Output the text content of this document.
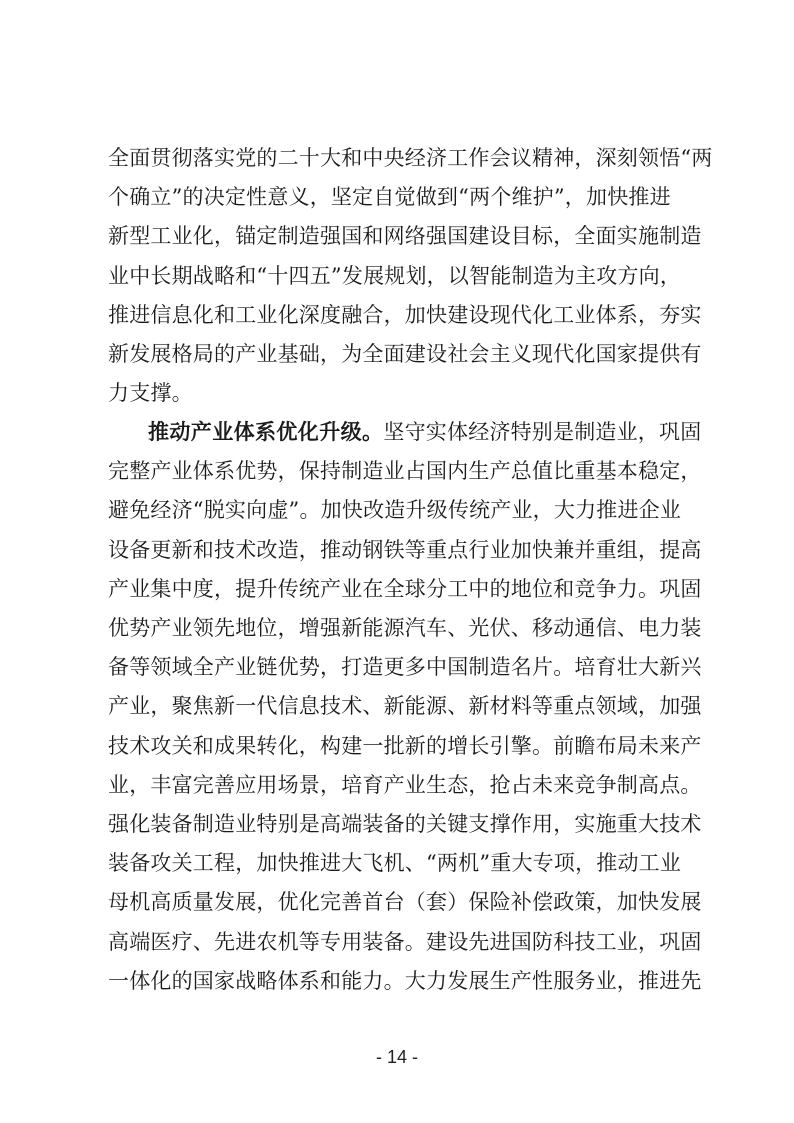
全面贯彻落实党的二十大和中央经济工作会议精神，深刻领悟“两
个确立”的决定性意义，坚定自觉做到“两个维护”，加快推进
新型工业化，锚定制造强国和网络强国建设目标，全面实施制造
业中长期战略和“十四五”发展规划，以智能制造为主攻方向，
推进信息化和工业化深度融合，加快建设现代化工业体系，夯实
新发展格局的产业基础，为全面建设社会主义现代化国家提供有
力支撑。
推动产业体系优化升级。坚守实体经济特别是制造业，巩固
完整产业体系优势，保持制造业占国内生产总值比重基本稳定，
避免经济“脱实向虚”。加快改造升级传统产业，大力推进企业
设备更新和技术改造，推动钢铁等重点行业加快兼并重组，提高
产业集中度，提升传统产业在全球分工中的地位和竞争力。巩固
优势产业领先地位，增强新能源汽车、光伏、移动通信、电力装
备等领域全产业链优势，打造更多中国制造名片。培育壮大新兴
产业，聚焦新一代信息技术、新能源、新材料等重点领域，加强
技术攻关和成果转化，构建一批新的增长引擎。前瞻布局未来产
业，丰富完善应用场景，培育产业生态，抢占未来竞争制高点。
强化装备制造业特别是高端装备的关键支撑作用，实施重大技术
装备攻关工程，加快推进大飞机、“两机”重大专项，推动工业
母机高质量发展，优化完善首台（套）保险补偿政策，加快发展
高端医疗、先进农机等专用装备。建设先进国防科技工业，巩固
一体化的国家战略体系和能力。大力发展生产性服务业，推进先
- 14 -
